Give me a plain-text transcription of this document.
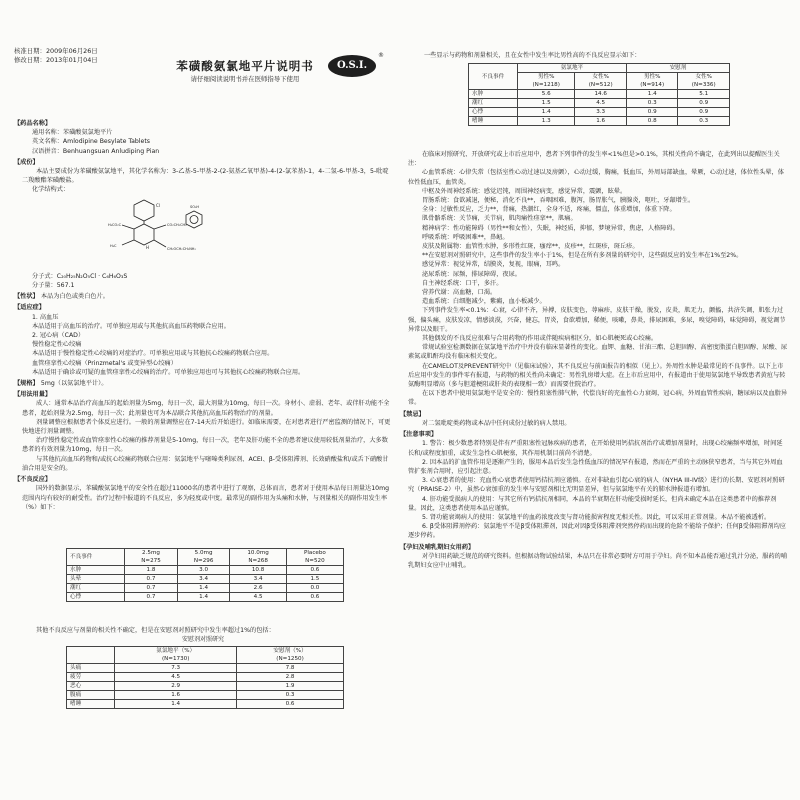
核准日期：2009年06月26日

修改日期：2013年01月04日	苯磺酸氨氯地平片说明书
请仔细阅读说明书并在医师指导下使用
O.S.I.
®

【药品名称】

通用名称：苯磺酸氨氯地平片

英文名称：Amlodipine Besylate Tablets

汉语拼音：Benhuangsuan Anludiping Pian

【成份】

本品主要成份为苯磺酸氨氯地平，其化学名称为：3-乙基-5-甲基-2-(2-氨基乙氧甲基)-4-(2-氯苯基)-1，4-二氢-6-甲基-3，5-吡啶二羧酸酯苯磺酸盐。

化学结构式：

Cl
H
H₃CO₂C	CO₂CH₂CH₃
H₃C
CH₂OCH₂CH₂NH₂
SO₃H

分子式：C₂₀H₂₅N₂O₅Cl · C₆H₆O₃S

分子量：567.1

【性状】 本品为白色或类白色片。

【适应症】

1. 高血压

本品适用于高血压的治疗。可单独应用或与其他抗高血压药物联合应用。

2. 冠心病（CAD）

慢性稳定性心绞痛

本品适用于慢性稳定性心绞痛的对症治疗。可单独应用或与其他抗心绞痛药物联合应用。

血管痉挛性心绞痛（Prinzmetal's 或变异型心绞痛）

本品适用于确诊或可疑的血管痉挛性心绞痛的治疗。可单独应用也可与其他抗心绞痛药物联合应用。

【规格】 5mg（以氨氯地平计）。

【用法用量】

成人：通常本品治疗高血压的起始剂量为5mg，每日一次，最大剂量为10mg，每日一次。身材小、虚弱、老年、或伴肝功能不全患者，起始剂量为2.5mg，每日一次；此剂量也可为本品联合其他抗高血压药物治疗的剂量。

剂量调整应根据患者个体反应进行。一般的剂量调整应在7-14天后开始进行。如临床需要，在对患者进行严密监测的情况下，可更快地进行剂量调整。

治疗慢性稳定性或血管痉挛性心绞痛的推荐剂量是5-10mg，每日一次，老年及肝功能不全的患者建议使用较低剂量治疗，大多数患者的有效剂量为10mg，每日一次。

与其他抗高血压药物和/或抗心绞痛药物联合应用：氨氯地平与噻嗪类利尿剂、ACEI、β-受体阻滞剂、长效硝酸盐和/或舌下硝酸甘油合用是安全的。

【不良反应】

国外的数据显示，苯磺酸氨氯地平的安全性在超过11000名的患者中进行了观察，总体而言，患者对于使用本品每日剂量达10mg范围内均有较好的耐受性。治疗过程中报道的不良反应，多为轻度或中度。最常见的副作用为头痛和水肿，与剂量相关的副作用发生率（%）如下：

不良事件	2.5mg
N=275	5.0mg
N=296	10.0mg
N=268	Placebo
N=520
水肿	1.8	3.0	10.8	0.6
头晕	0.7	3.4	3.4	1.5
潮红	0.7	1.4	2.6	0.0
心悸	0.7	1.4	4.5	0.6

其他不良反应与剂量的相关性不确定，但是在安慰剂对照研究中发生率超过1%的包括：

安慰剂对照研究

	氨氯地平（%）
(N=1730)	安慰剂（%）
(N=1250)
头痛	7.3	7.8
疲劳	4.5	2.8
恶心	2.9	1.9
腹痛	1.6	0.3
嗜睡	1.4	0.6

一些显示与药物和剂量相关，且在女性中发生率比男性高的不良反应显示如下：

不良事件	氨氯地平		安慰剂	
	男性%
(N=1218)	女性%
(N=512)	男性%
(N=914)	女性%
(N=336)
水肿	5.6	14.6	1.4	5.1
潮红	1.5	4.5	0.3	0.9
心悸	1.4	3.3	0.9	0.9
嗜睡	1.3	1.6	0.8	0.3

在临床对照研究、开放研究或上市后应用中，患者下列事件的发生率<1%但是>0.1%，其相关性尚不确定，在此列出以提醒医生关注：

心血管系统：心律失常（包括室性心动过速以及房颤），心动过缓，胸痛，低血压，外周局部缺血，晕厥，心动过速，体位性头晕，体位性低血压，血管炎。

中枢及外周神经系统：感觉迟钝，周围神经病变，感觉异常，震颤，眩晕。

胃肠系统：食欲减退，便秘，消化不良**，吞咽困难，腹泻，肠胃胀气，胰腺炎，呕吐，牙龈增生。

全身：过敏性反应，乏力**，背痛，热潮红，全身不适，疼痛，僵直，体重增加，体重下降。

肌骨骼系统：关节痛，关节病，肌肉痛性痉挛**，肌痛。

精神病学：性功能障碍（男性**和女性），失眠，神经质，抑郁，梦境异常，焦虑，人格障碍。

呼吸系统：呼吸困难**，鼻衄。

皮肤及附属物：血管性水肿，多形性红斑，瘙痒**，皮疹**，红斑疹，斑丘疹。

**在安慰剂对照研究中，这些事件的发生率小于1%，但是在所有多剂量的研究中，这些副反应的发生率在1%至2%。

感觉异常：视觉异常，结膜炎，复视，眼痛，耳鸣。

泌尿系统：尿频，排尿障碍，夜尿。

自主神经系统：口干，多汗。

营养代谢：高血糖，口渴。

造血系统：白细胞减少，紫癜，血小板减少。

下列事件发生率<0.1%：心衰，心律不齐，异搏，皮肤变色，荨麻疹，皮肤干燥，脱发，皮炎，肌无力，颤搐，共济失调，肌张力过强，偏头痛，皮肤发凉，情感淡漠，兴奋，健忘，胃炎，食欲增加，稀便，咳嗽，鼻炎，排尿困难，多尿，嗅觉障碍，味觉障碍，视觉调节异常以及眼干。

其他偶发的不良反应很难与合用药物的作用或伴随疾病相区分，如心肌梗死或心绞痛。

常规试验室检测数据在氨氯地平治疗中并没有临床显著性的变化。血钾、血糖、甘油三酯、总胆固醇、高密度脂蛋白胆固醇、尿酸、尿素氮或肌酐均没有临床相关变化。

在CAMELOT及PREVENT研究中（见临床试验），其不良反应与前面报告的相似（见上）。外周性水肿是最常见的不良事件。以下上市后应用中发生的事件零有报道，与药物的相关性尚未确定：男性乳房增大症。在上市后应用中，有报道由于使用氨氯地平导致患者黄疸与转氨酶明显增高（多与胆道梗阻或肝炎的表现相一致）而需要住院治疗。

在以下患者中使用氨氯地平是安全的：慢性阻塞性肺气肿，代偿良好的充血性心力衰竭，冠心病，外周血管性疾病，糖尿病以及血脂异常。

【禁忌】

对二氢吡啶类药物或本品中任何成份过敏的病人禁用。

【注意事项】

1. 警告：极少数患者特别是伴有严重阻塞性冠脉疾病的患者，在开始使用钙拮抗剂治疗或增加剂量时，出现心绞痛频率增加，时间延长和/或程度加重，或发生急性心肌梗塞，其作用机制目前尚不清楚。

2. 因本品的扩血管作用是逐渐产生的，服用本品后发生急性低血压的情况罕有报道，然而在严重的主动脉狭窄患者，当与其它外周血管扩张剂合用时，应引起注意。

3. 心衰患者的使用：充血性心衰患者使用钙拮抗剂应谨慎。在对非缺血引起心衰的病人（NYHA III-IV级）进行的长期、安慰剂对照研究（PRAISE-2）中，虽然心衰加重的发生率与安慰剂相比无明显差异，但与氨氯地平有关的肺水肿报道有增加。

4. 肝功能受损病人的使用：与其它所有钙拮抗剂相同，本品的半衰期在肝功能受损时延长，但尚未确定本品在这类患者中的推荐剂量。因此，这类患者使用本品应谨慎。

5. 肾功能衰竭病人的使用：氨氯地平的血药浓度改变与肾功能损害程度无相关性。因此，可以采用正常剂量。本品不能被透析。

6. β受体阻滞剂停药：氨氯地平不是β受体阻滞剂，因此对因β受体阻滞剂突然停药而出现的危险不能给予保护；任何β受体阻滞剂均应逐步停药。

【孕妇及哺乳期妇女用药】

对孕妇用药缺乏规范的研究资料。但根据动物试验结果，本品只在非常必要时方可用于孕妇。尚不知本品能否通过乳汁分泌，服药的哺乳期妇女应中止哺乳。
